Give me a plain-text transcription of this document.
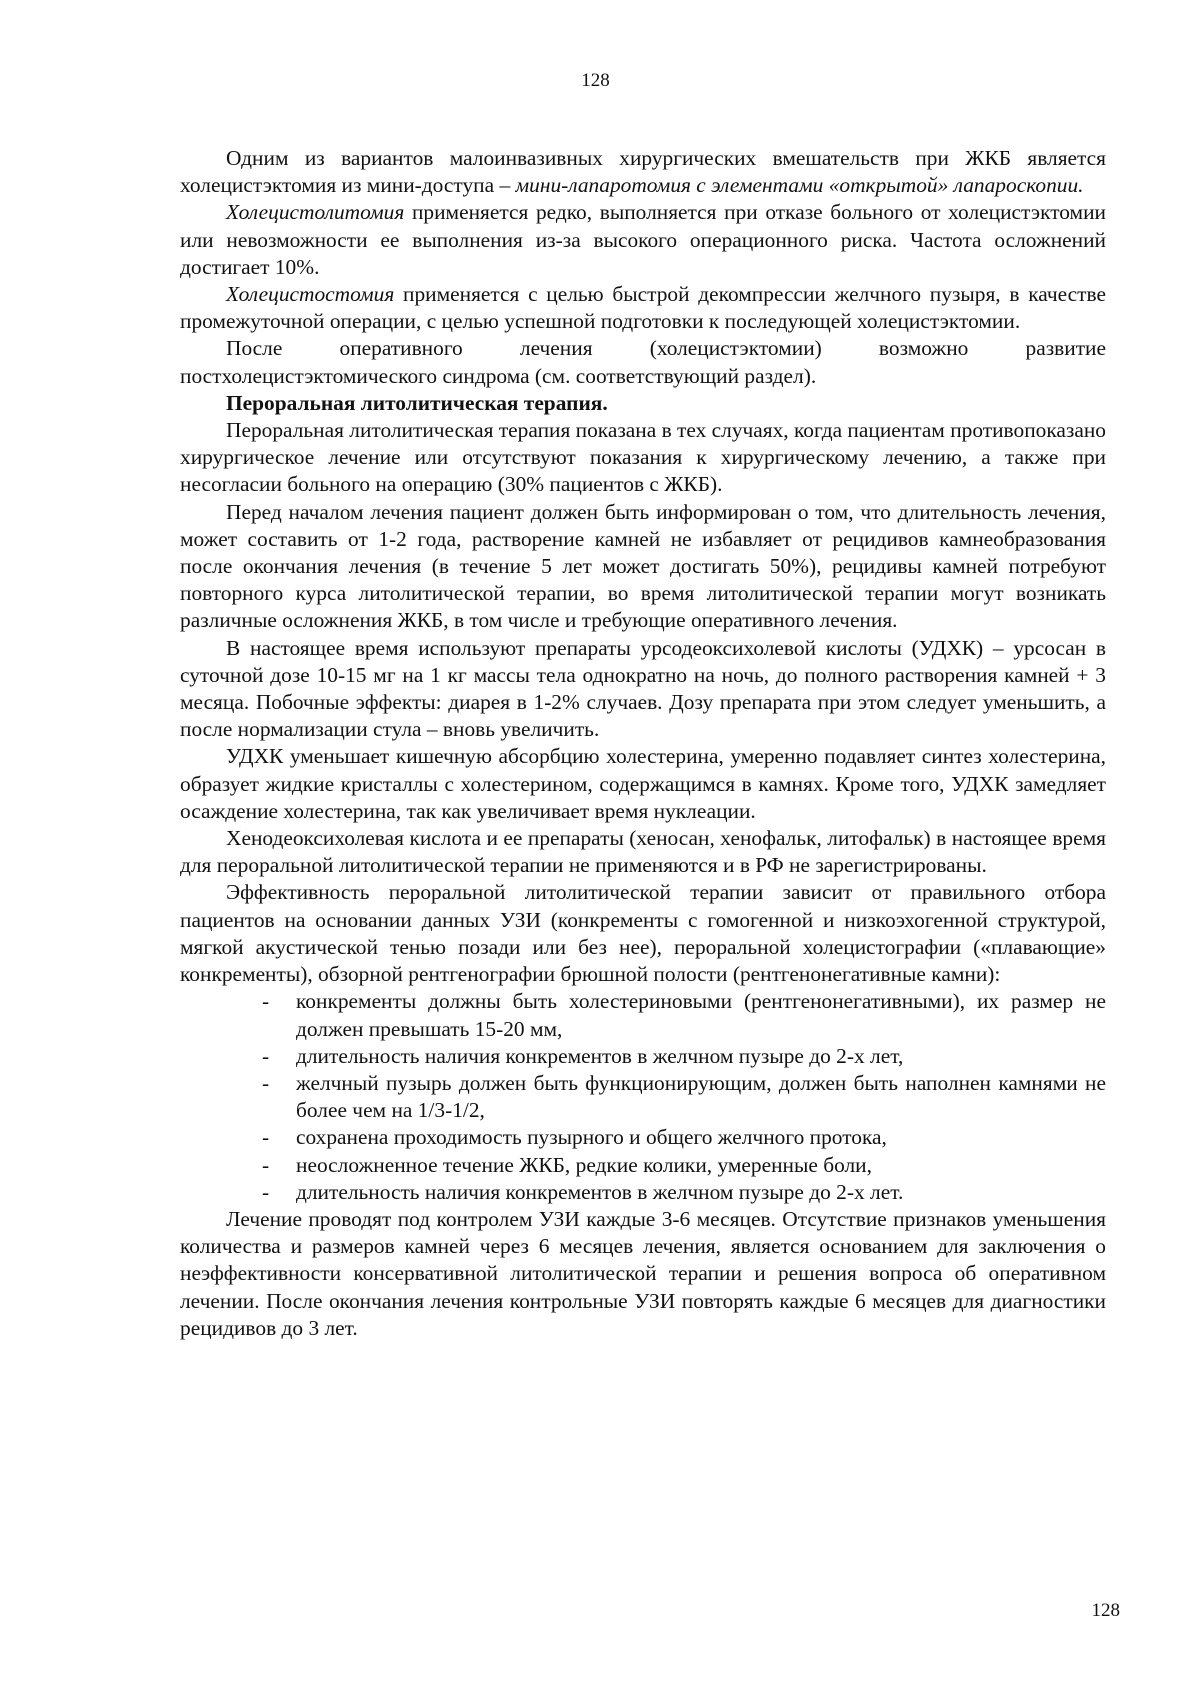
128

Одним из вариантов малоинвазивных хирургических вмешательств при ЖКБ является холецистэктомия из мини-доступа – мини-лапаротомия с элементами «открытой» лапароскопии.

Холецистолитомия применяется редко, выполняется при отказе больного от холецистэктомии или невозможности ее выполнения из-за высокого операционного риска. Частота осложнений достигает 10%.

Холецистостомия применяется с целью быстрой декомпрессии желчного пузыря, в качестве промежуточной операции, с целью успешной подготовки к последующей холецистэктомии.

После оперативного лечения (холецистэктомии) возможно развитие постхолецистэктомического синдрома (см. соответствующий раздел).

Пероральная литолитическая терапия.

Пероральная литолитическая терапия показана в тех случаях, когда пациентам противопоказано хирургическое лечение или отсутствуют показания к хирургическому лечению, а также при несогласии больного на операцию (30% пациентов с ЖКБ).

Перед началом лечения пациент должен быть информирован о том, что длительность лечения, может составить от 1-2 года, растворение камней не избавляет от рецидивов камнеобразования после окончания лечения (в течение 5 лет может достигать 50%), рецидивы камней потребуют повторного курса литолитической терапии, во время литолитической терапии могут возникать различные осложнения ЖКБ, в том числе и требующие оперативного лечения.

В настоящее время используют препараты урсодеоксихолевой кислоты (УДХК) – урсосан в суточной дозе 10-15 мг на 1 кг массы тела однократно на ночь, до полного растворения камней + 3 месяца. Побочные эффекты: диарея в 1-2% случаев. Дозу препарата при этом следует уменьшить, а после нормализации стула – вновь увеличить.

УДХК уменьшает кишечную абсорбцию холестерина, умеренно подавляет синтез холестерина, образует жидкие кристаллы с холестерином, содержащимся в камнях. Кроме того, УДХК замедляет осаждение холестерина, так как увеличивает время нуклеации.

Хенодеоксихолевая кислота и ее препараты (хеносан, хенофальк, литофальк) в настоящее время для пероральной литолитической терапии не применяются и в РФ не зарегистрированы.

Эффективность пероральной литолитической терапии зависит от правильного отбора пациентов на основании данных УЗИ (конкременты с гомогенной и низкоэхогенной структурой, мягкой акустической тенью позади или без нее), пероральной холецистографии («плавающие» конкременты), обзорной рентгенографии брюшной полости (рентгенонегативные камни):

- конкременты должны быть холестериновыми (рентгенонегативными), их размер не должен превышать 15-20 мм,
- длительность наличия конкрементов в желчном пузыре до 2-х лет,
- желчный пузырь должен быть функционирующим, должен быть наполнен камнями не более чем на 1/3-1/2,
- сохранена проходимость пузырного и общего желчного протока,
- неосложненное течение ЖКБ, редкие колики, умеренные боли,
- длительность наличия конкрементов в желчном пузыре до 2-х лет.

Лечение проводят под контролем УЗИ каждые 3-6 месяцев. Отсутствие признаков уменьшения количества и размеров камней через 6 месяцев лечения, является основанием для заключения о неэффективности консервативной литолитической терапии и решения вопроса об оперативном лечении. После окончания лечения контрольные УЗИ повторять каждые 6 месяцев для диагностики рецидивов до 3 лет.

128
